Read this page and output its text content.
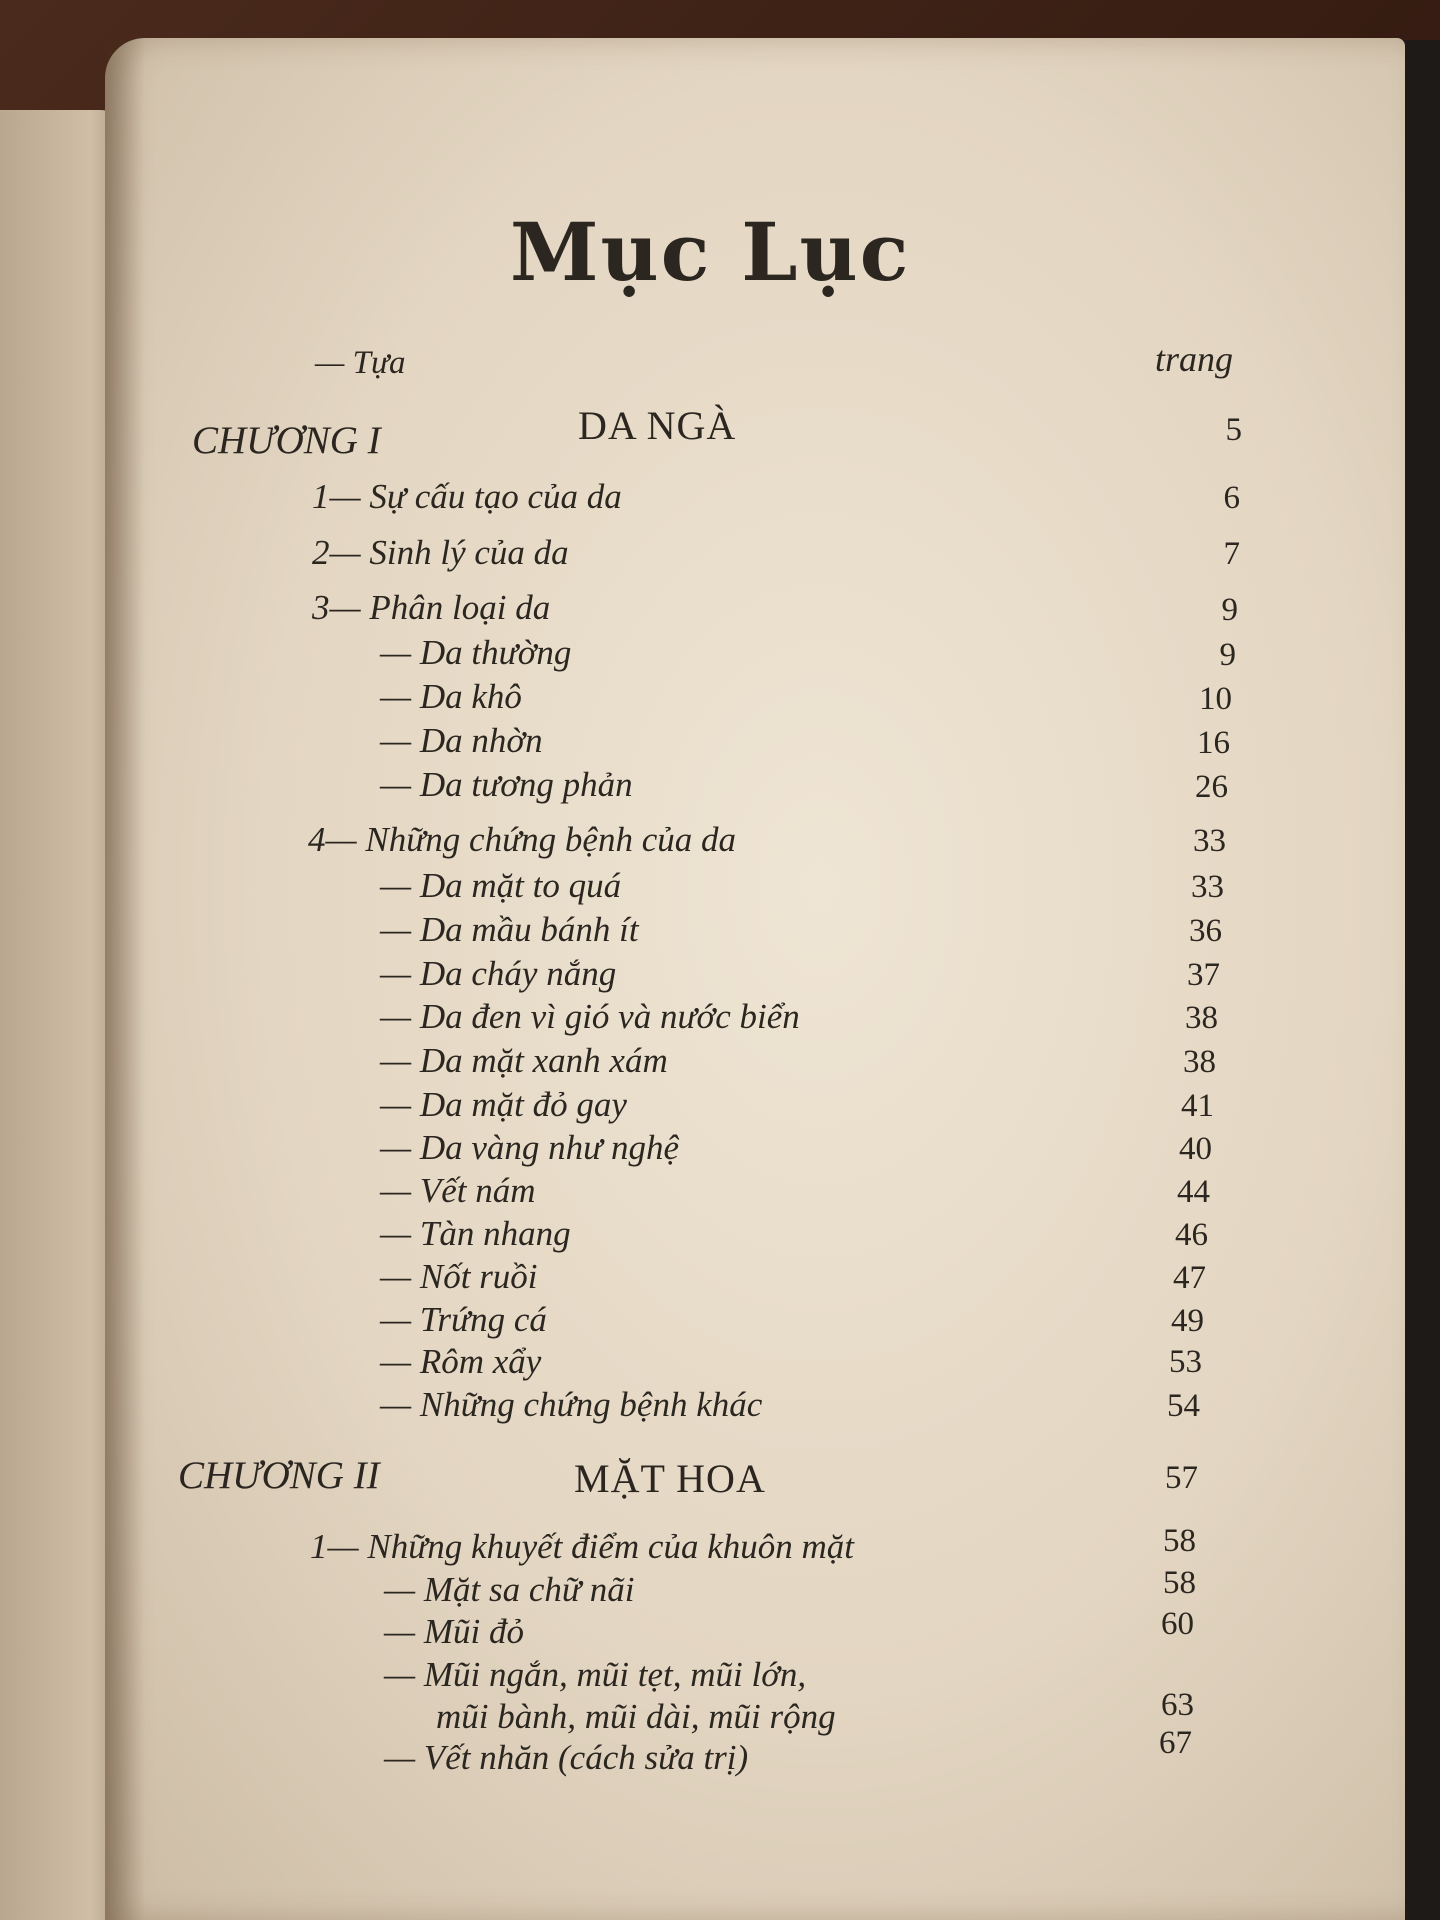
Mục Lục
— Tựa	trang
CHƯƠNG I	DA NGÀ	5
1— Sự cấu tạo của da	6
2— Sinh lý của da	7
3— Phân loại da	9
— Da thường	9
— Da khô	10
— Da nhờn	16
— Da tương phản	26
4— Những chứng bệnh của da	33
— Da mặt to quá	33
— Da mầu bánh ít	36
— Da cháy nắng	37
— Da đen vì gió và nước biển	38
— Da mặt xanh xám	38
— Da mặt đỏ gay	41
— Da vàng như nghệ	40
— Vết nám	44
— Tàn nhang	46
— Nốt ruồi	47
— Trứng cá	49
— Rôm xẩy	53
— Những chứng bệnh khác	54
CHƯƠNG II	MẶT HOA	57
1— Những khuyết điểm của khuôn mặt	58
— Mặt sa chữ nãi	58
— Mũi đỏ	60
— Mũi ngắn, mũi tẹt, mũi lớn,
mũi bành, mũi dài, mũi rộng	63
— Vết nhăn (cách sửa trị)	67
